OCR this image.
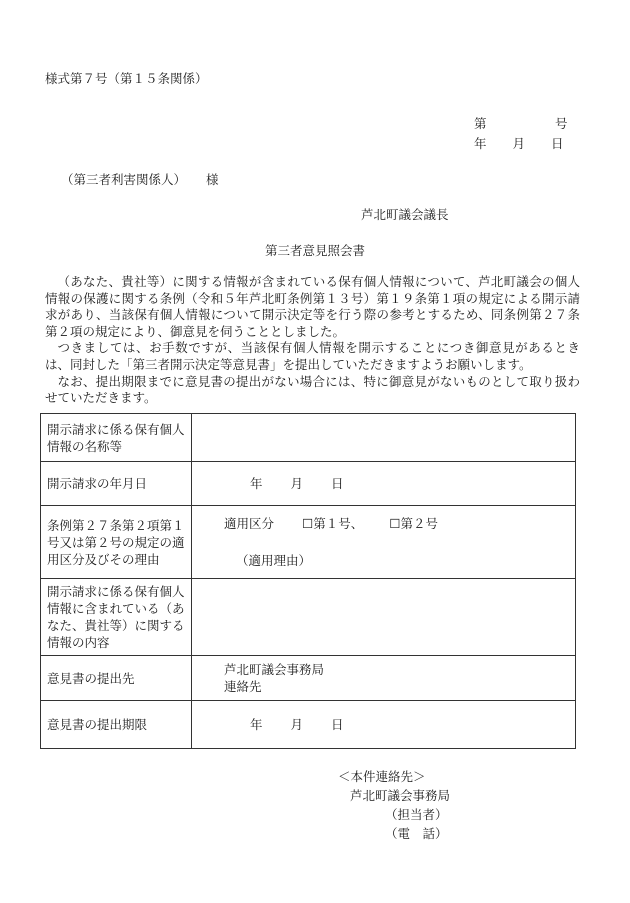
様式第７号（第１５条関係）
第	号
年 月 日
（第三者利害関係人） 様
芦北町議会議長
第三者意見照会書

（あなた、貴社等）に関する情報が含まれている保有個人情報について、芦北町議会の個人情報の保護に関する条例（令和５年芦北町条例第１３号）第１９条第１項の規定による開示請求があり、当該保有個人情報について開示決定等を行う際の参考とするため、同条例第２７条第２項の規定により、御意見を伺うこととしました。

つきましては、お手数ですが、当該保有個人情報を開示することにつき御意見があるときは、同封した「第三者開示決定等意見書」を提出していただきますようお願いします。

なお、提出期限までに意見書の提出がない場合には、特に御意見がないものとして取り扱わせていただきます。

開示請求に係る保有個人情報の名称等	
開示請求の年月日	年 月 日
条例第２７条第２項第１号又は第２号の規定の適用区分及びその理由	適用区分 ☐第１号、 ☐第２号
（適用理由）

開示請求に係る保有個人情報に含まれている（あなた、貴社等）に関する情報の内容	
意見書の提出先	芦北町議会事務局
連絡先

意見書の提出期限	年 月 日
＜本件連絡先＞
芦北町議会事務局
（担当者）
（電　話）
